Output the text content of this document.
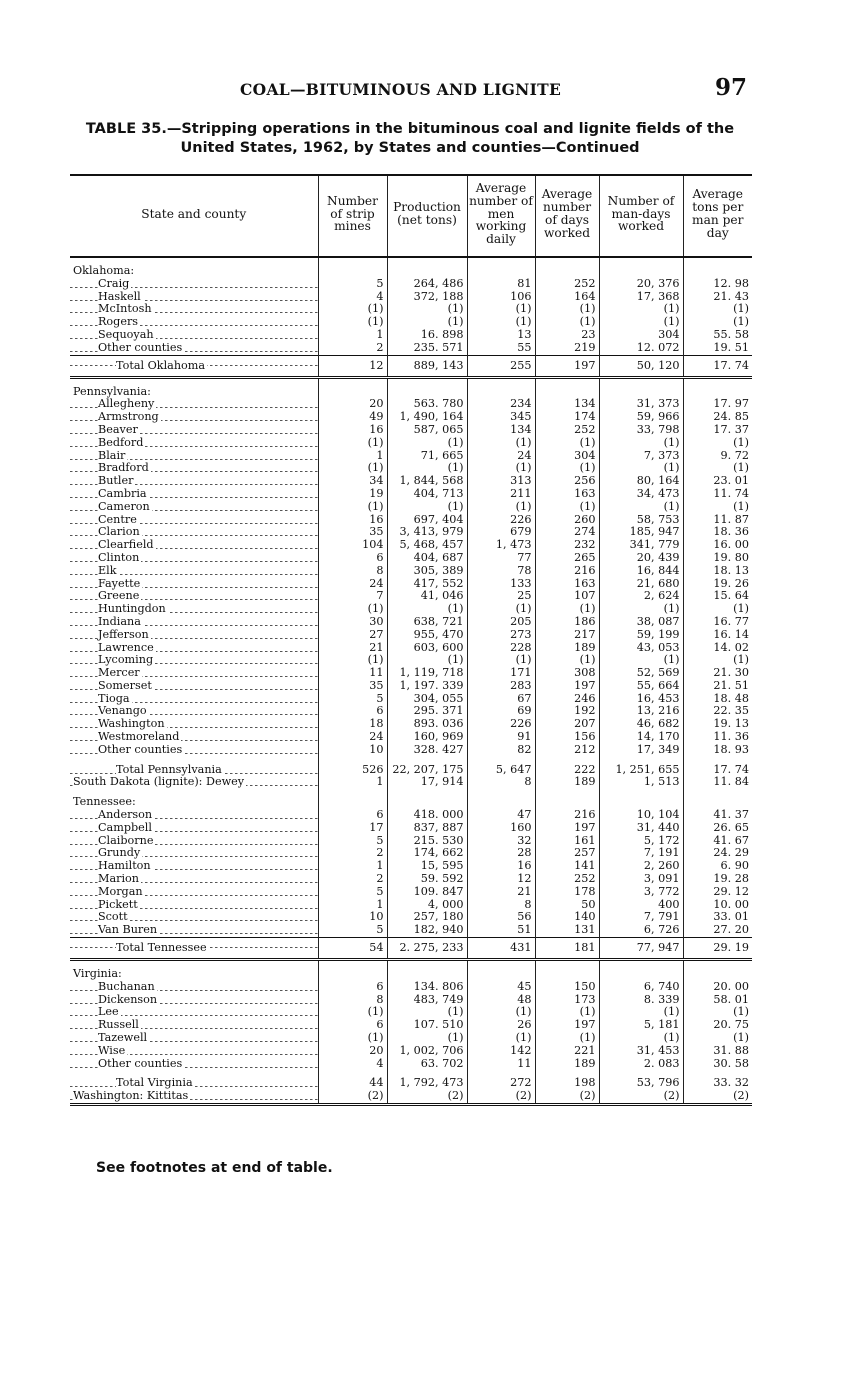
COAL—BITUMINOUS AND LIGNITE	97
TABLE 35.—Stripping operations in the bituminous coal and lignite fields of the
United States, 1962, by States and counties—Continued
State and county	Number of strip mines	Production (net tons)	Average number of men working daily	Average number of days worked	Number of man-days worked	Average tons per man per day

Oklahoma:						
Craig	5	264, 486	81	252	20, 376	12. 98
Haskell	4	372, 188	106	164	17, 368	21. 43
McIntosh	(1)	(1)	(1)	(1)	(1)	(1)
Rogers	(1)	(1)	(1)	(1)	(1)	(1)
Sequoyah	1	16. 898	13	23	304	55. 58
Other counties	2	235. 571	55	219	12. 072	19. 51
Total Oklahoma	12	889, 143	255	197	50, 120	17. 74

Pennsylvania:						
Allegheny	20	563. 780	234	134	31, 373	17. 97
Armstrong	49	1, 490, 164	345	174	59, 966	24. 85
Beaver	16	587, 065	134	252	33, 798	17. 37
Bedford	(1)	(1)	(1)	(1)	(1)	(1)
Blair	1	71, 665	24	304	7, 373	9. 72
Bradford	(1)	(1)	(1)	(1)	(1)	(1)
Butler	34	1, 844, 568	313	256	80, 164	23. 01
Cambria	19	404, 713	211	163	34, 473	11. 74
Cameron	(1)	(1)	(1)	(1)	(1)	(1)
Centre	16	697, 404	226	260	58, 753	11. 87
Clarion	35	3, 413, 979	679	274	185, 947	18. 36
Clearfield	104	5, 468, 457	1, 473	232	341, 779	16. 00
Clinton	6	404, 687	77	265	20, 439	19. 80
Elk	8	305, 389	78	216	16, 844	18. 13
Fayette	24	417, 552	133	163	21, 680	19. 26
Greene	7	41, 046	25	107	2, 624	15. 64
Huntingdon	(1)	(1)	(1)	(1)	(1)	(1)
Indiana	30	638, 721	205	186	38, 087	16. 77
Jefferson	27	955, 470	273	217	59, 199	16. 14
Lawrence	21	603, 600	228	189	43, 053	14. 02
Lycoming	(1)	(1)	(1)	(1)	(1)	(1)
Mercer	11	1, 119, 718	171	308	52, 569	21. 30
Somerset	35	1, 197. 339	283	197	55, 664	21. 51
Tioga	5	304, 055	67	246	16, 453	18. 48
Venango	6	295. 371	69	192	13, 216	22. 35
Washington	18	893. 036	226	207	46, 682	19. 13
Westmoreland	24	160, 969	91	156	14, 170	11. 36
Other counties	10	328. 427	82	212	17, 349	18. 93

Total Pennsylvania	526	22, 207, 175	5, 647	222	1, 251, 655	17. 74
South Dakota (lignite): Dewey	1	17, 914	8	189	1, 513	11. 84

Tennessee:						
Anderson	6	418. 000	47	216	10, 104	41. 37
Campbell	17	837, 887	160	197	31, 440	26. 65
Claiborne	5	215. 530	32	161	5, 172	41. 67
Grundy	2	174, 662	28	257	7, 191	24. 29
Hamilton	1	15, 595	16	141	2, 260	6. 90
Marion	2	59. 592	12	252	3, 091	19. 28
Morgan	5	109. 847	21	178	3, 772	29. 12
Pickett	1	4, 000	8	50	400	10. 00
Scott	10	257, 180	56	140	7, 791	33. 01
Van Buren	5	182, 940	51	131	6, 726	27. 20
Total Tennessee	54	2. 275, 233	431	181	77, 947	29. 19

Virginia:						
Buchanan	6	134. 806	45	150	6, 740	20. 00
Dickenson	8	483, 749	48	173	8. 339	58. 01
Lee	(1)	(1)	(1)	(1)	(1)	(1)
Russell	6	107. 510	26	197	5, 181	20. 75
Tazewell	(1)	(1)	(1)	(1)	(1)	(1)
Wise	20	1, 002, 706	142	221	31, 453	31. 88
Other counties	4	63. 702	11	189	2. 083	30. 58

Total Virginia	44	1, 792, 473	272	198	53, 796	33. 32
Washington: Kittitas	(2)	(2)	(2)	(2)	(2)	(2)
See footnotes at end of table.
